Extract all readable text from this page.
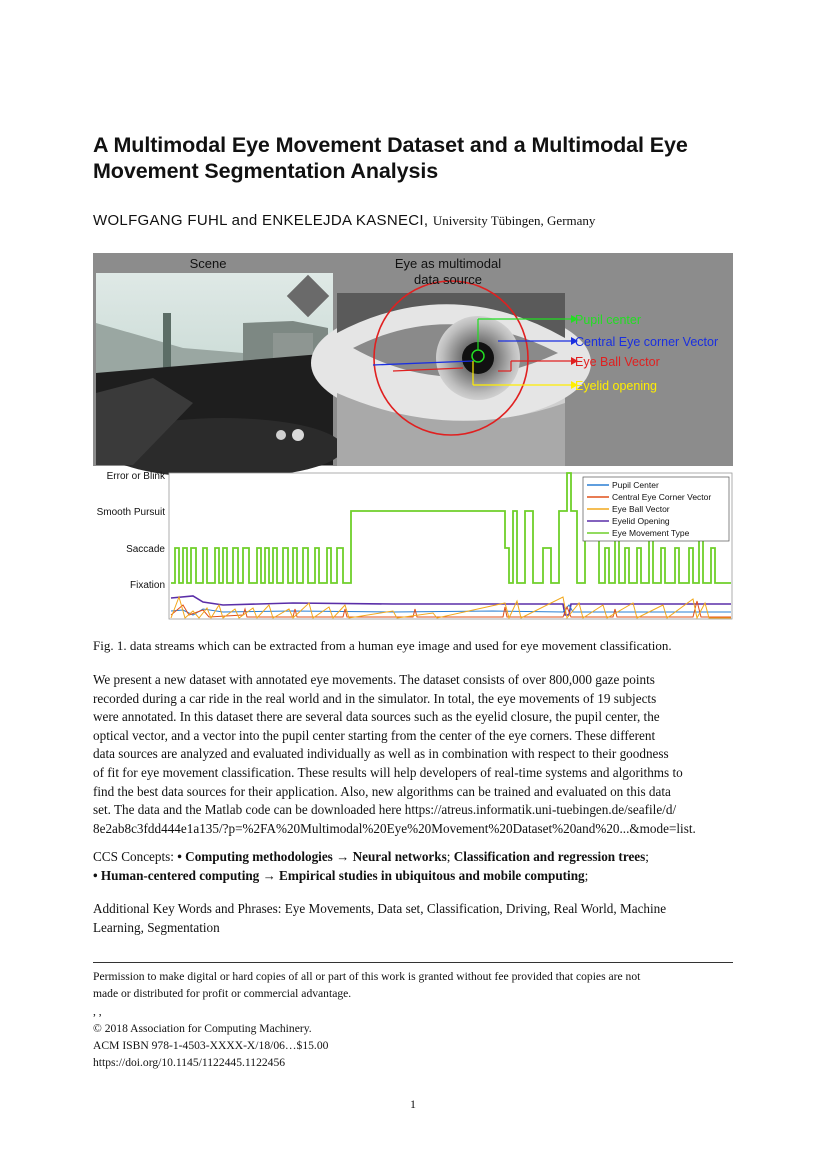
A Multimodal Eye Movement Dataset and a Multimodal Eye
Movement Segmentation Analysis
WOLFGANG FUHL and ENKELEJDA KASNECI, University Tübingen, Germany
Scene	Eye as multimodal
data source
Pupil center
Central Eye corner Vector
Eye Ball Vector
Eyelid opening
Error or Blink
Smooth Pursuit
Saccade
Fixation
Pupil Center
Central Eye Corner Vector
Eye Ball Vector
Eyelid Opening
Eye Movement Type
Fig. 1. data streams which can be extracted from a human eye image and used for eye movement classification.

We present a new dataset with annotated eye movements. The dataset consists of over 800,000 gaze points

recorded during a car ride in the real world and in the simulator. In total, the eye movements of 19 subjects

were annotated. In this dataset there are several data sources such as the eyelid closure, the pupil center, the

optical vector, and a vector into the pupil center starting from the center of the eye corners. These different

data sources are analyzed and evaluated individually as well as in combination with respect to their goodness

of fit for eye movement classification. These results will help developers of real-time systems and algorithms to

find the best data sources for their application. Also, new algorithms can be trained and evaluated on this data

set. The data and the Matlab code can be downloaded here https://atreus.informatik.uni-tuebingen.de/seafile/d/

8e2ab8c3fdd444e1a135/?p=%2FA%20Multimodal%20Eye%20Movement%20Dataset%20and%20...&mode=list.

CCS Concepts: • Computing methodologies → Neural networks; Classification and regression trees;
• Human-centered computing → Empirical studies in ubiquitous and mobile computing;
Additional Key Words and Phrases: Eye Movements, Data set, Classification, Driving, Real World, Machine
Learning, Segmentation
Permission to make digital or hard copies of all or part of this work is granted without fee provided that copies are not
made or distributed for profit or commercial advantage.
, ,
© 2018 Association for Computing Machinery.
ACM ISBN 978-1-4503-XXXX-X/18/06…$15.00
https://doi.org/10.1145/1122445.1122456
1
